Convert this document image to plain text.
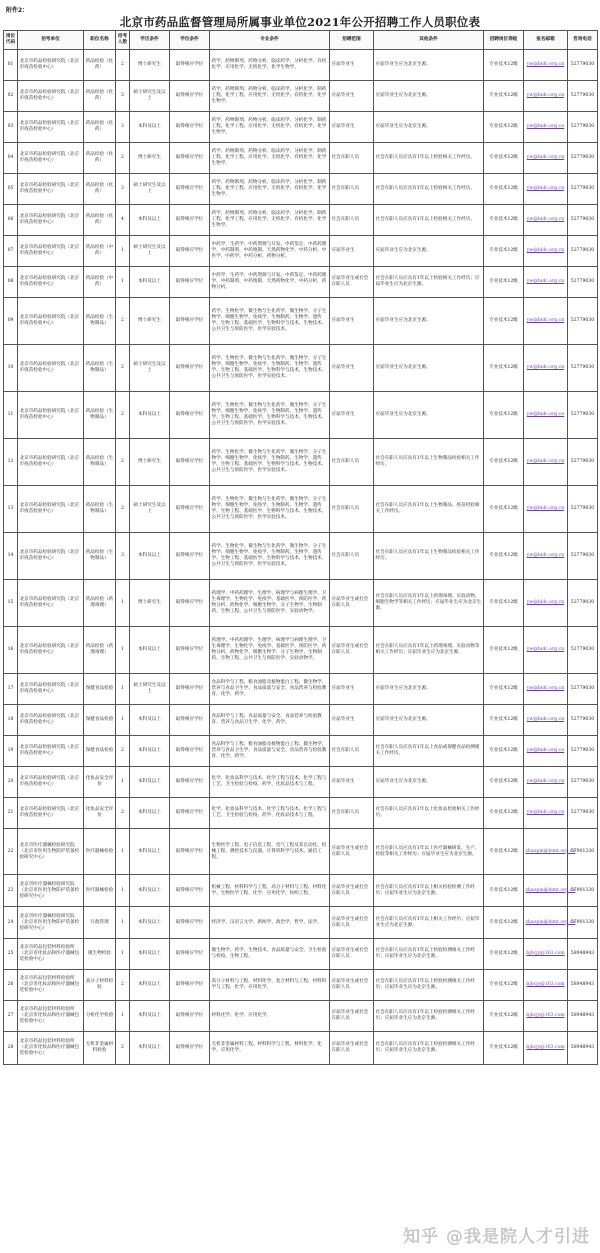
附件2：
北京市药品监督管理局所属事业单位2021年公开招聘工作人员职位表
岗位代码	招考单位	职位名称	招考人数	学历条件	学位条件	专业条件	招聘范围	其他条件	招聘岗位等级	报名邮箱	咨询电话
01	北京市药品检验研究院（北京市疫苗检验中心）	药品检验（化药）	2	博士研究生	取得相应学位	药学、药物制剂、药物分析、临床药学、分析化学、有机化学、应用化学、无机化学、化学生物学。	应届毕业生	应届毕业生应为北京生源。	专业技术12级	yw@bidc.org.cn	52779030
02	北京市药品检验研究院（北京市疫苗检验中心）	药品检验（化药）	3	硕士研究生及以上	取得相应学位	药学、药物制剂、药物分析、临床药学、分析化学、制药工程、化学工程、应用化学、无机化学、有机化学、化学生物学。	应届毕业生	应届毕业生应为北京生源。	专业技术12级	yw@bidc.org.cn	52779030
03	北京市药品检验研究院（北京市疫苗检验中心）	药品检验（化药）	3	本科及以上	取得相应学位	药学、药物制剂、药物分析、临床药学、分析化学、制药工程、化学工程、应用化学、无机化学、有机化学、化学生物学。	应届毕业生	应届毕业生应为北京生源。	专业技术12级	yw@bidc.org.cn	52779030
04	北京市药品检验研究院（北京市疫苗检验中心）	药品检验（化药）	2	博士研究生	取得相应学位	药学、药物制剂、药物分析、临床药学、分析化学、制药工程、化学工程、应用化学、无机化学、有机化学、化学生物学。	社会在职人员	社会在职人员应具有1年以上检验相关工作经历。	专业技术12级	yw@bidc.org.cn	52779030
05	北京市药品检验研究院（北京市疫苗检验中心）	药品检验（化药）	3	硕士研究生及以上	取得相应学位	药学、药物制剂、药物分析、临床药学、分析化学、制药工程、化学工程、应用化学、无机化学、有机化学、化学生物学。	社会在职人员	社会在职人员应具有1年以上检验相关工作经历。	专业技术12级	yw@bidc.org.cn	52779030
06	北京市药品检验研究院（北京市疫苗检验中心）	药品检验（化药）	4	本科及以上	取得相应学位	药学、药物制剂、药物分析、临床药学、分析化学、制药工程、化学工程、应用化学、无机化学、有机化学、化学生物学。	社会在职人员	社会在职人员应具有1年以上检验相关工作经历。	专业技术12级	yw@bidc.org.cn	52779030
07	北京市药品检验研究院（北京市疫苗检验中心）	药品检验（中药）	1	硕士研究生及以上	取得相应学位	中药学、生药学、中药资源与开发、中药鉴定、中药药理学、中药制剂、中药炮制、天然药物化学、中药分析、中医学、中药学、中药分析、药物分析。	应届毕业生	应届毕业生应为北京生源。	专业技术12级	yw@bidc.org.cn	52779030
08	北京市药品检验研究院（北京市疫苗检验中心）	药品检验（中药）	1	本科及以上	取得相应学位	中药学、生药学、中药资源与开发、中药鉴定、中药药理学、中药制剂、中药炮制、天然药物化学、中药分析、药物分析。	应届毕业生或社会在职人员	社会在职人员应具有1年以上检验相关工作经历；应届毕业生应为北京生源。	专业技术12级	yw@bidc.org.cn	52779030
09	北京市药品检验研究院（北京市疫苗检验中心）	药品检验（生物制品）	2	博士研究生	取得相应学位	药学、生物化学、微生物与生化药学、微生物学、分子生物学、细胞生物学、免疫学、生物制药、生物学、遗传学、生物工程、基础医学、生物科学与技术、生物技术、公共卫生与预防医学、医学实验技术。	应届毕业生	应届毕业生应为北京生源。	专业技术12级	yw@bidc.org.cn	52779030
10	北京市药品检验研究院（北京市疫苗检验中心）	药品检验（生物制品）	2	硕士研究生及以上	取得相应学位	药学、生物化学、微生物与生化药学、微生物学、分子生物学、细胞生物学、免疫学、生物制药、生物学、遗传学、生物工程、基础医学、生物科学与技术、生物技术、公共卫生与预防医学、医学实验技术。	应届毕业生	应届毕业生应为北京生源。	专业技术12级	yw@bidc.org.cn	52779030
11	北京市药品检验研究院（北京市疫苗检验中心）	药品检验（生物制品）	2	本科及以上	取得相应学位	药学、生物化学、微生物与生化药学、微生物学、分子生物学、细胞生物学、免疫学、生物制药、生物学、遗传学、生物工程、基础医学、生物科学与技术、生物技术、公共卫生与预防医学、医学实验技术。	应届毕业生	应届毕业生应为北京生源。	专业技术12级	yw@bidc.org.cn	52779030
12	北京市药品检验研究院（北京市疫苗检验中心）	药品检验（生物制品）	2	博士研究生	取得相应学位	药学、生物化学、微生物与生化药学、微生物学、分子生物学、细胞生物学、免疫学、生物制药、生物学、遗传学、生物工程、基础医学、生物科学与技术、生物技术、公共卫生与预防医学、医学实验技术。	社会在职人员	社会在职人员应具有1年以上生物制品检验相关工作经历。	专业技术12级	yw@bidc.org.cn	52779030
13	北京市药品检验研究院（北京市疫苗检验中心）	药品检验（生物制品）	2	硕士研究生及以上	取得相应学位	药学、生物化学、微生物与生化药学、微生物学、分子生物学、细胞生物学、免疫学、生物制药、生物学、遗传学、生物工程、基础医学、生物科学与技术、生物技术、公共卫生与预防医学、医学实验技术。	社会在职人员	社会在职人员应具有1年以上生物制品、疫苗检验相关工作经历。	专业技术12级	yw@bidc.org.cn	52779030
14	北京市药品检验研究院（北京市疫苗检验中心）	药品检验（生物制品）	3	本科及以上	取得相应学位	药学、生物化学、微生物与生化药学、微生物学、分子生物学、细胞生物学、免疫学、生物制药、生物学、遗传学、生物工程、基础医学、生物科学与技术、生物技术、公共卫生与预防医学、医学实验技术。	社会在职人员	社会在职人员应具有1年以上生物制品检验相关工作经历。	专业技术12级	yw@bidc.org.cn	52779030
15	北京市药品检验研究院（北京市疫苗检验中心）	药品检验（药理毒理）	1	博士研究生	取得相应学位	药理学、中药药理学、生理学、病理学与病理生理学、卫生毒理学、生物化学、免疫学、基础医学、预防医学、药物分析、药物化学、细胞生物学、分子生物学、生物制药、生物工程、公共卫生与预防医学、实验动物学。	应届毕业生或社会在职人员	社会在职人员应具有1年以上药理毒理、实验动物、细胞生物学等相关工作经历；应届毕业生应为北京生源。	专业技术12级	yw@bidc.org.cn	52779030
16	北京市药品检验研究院（北京市疫苗检验中心）	药品检验（药理毒理）	1	本科及以上	取得相应学位	药理学、中药药理学、生理学、病理学与病理生理学、卫生毒理学、生物化学、免疫学、基础医学、预防医学、药物分析、药物化学、细胞生物学、分子生物学、生物制药、生物工程、公共卫生与预防医学、实验动物学。	应届毕业生或社会在职人员	社会在职人员应具有1年以上药理毒理、实验动物等相关工作经历；应届毕业生应为北京生源。	专业技术12级	yw@bidc.org.cn	52779030
17	北京市药品检验研究院（北京市疫苗检验中心）	保健食品检验	1	硕士研究生及以上	取得相应学位	食品科学与工程、粮食油脂及植物蛋白工程、微生物学、营养与食品卫生学、食品质量与安全、食品营养与检验教育、化学、药学。	应届毕业生	应届毕业生应为北京生源。	专业技术12级	yw@bidc.org.cn	52779030
18	北京市药品检验研究院（北京市疫苗检验中心）	保健食品检验	1	本科及以上	取得相应学位	食品科学与工程、食品质量与安全、食品营养与检验教育、营养与食品卫生学、化学、药学。	应届毕业生	应届毕业生应为北京生源。	专业技术12级	yw@bidc.org.cn	52779030
19	北京市药品检验研究院（北京市疫苗检验中心）	保健食品检验	2	本科及以上	取得相应学位	食品科学与工程、粮食油脂及植物蛋白工程、微生物学、营养与食品卫生学、食品质量与安全、食品营养与检验教育、化学、药学。	社会在职人员	社会在职人员应具有1年以上食品或保健食品检测相关工作经历。	专业技术12级	yw@bidc.org.cn	52779030
20	北京市药品检验研究院（北京市疫苗检验中心）	化妆品安全评价	1	本科及以上	取得相应学位	化学、化妆品科学与技术、化学工程与技术、化学工程与工艺、卫生检验与检疫、药学、化妆品技术与工程。	应届毕业生	应届毕业生应为北京生源。	专业技术12级	yw@bidc.org.cn	52779030
21	北京市药品检验研究院（北京市疫苗检验中心）	化妆品安全评价	2	本科及以上	取得相应学位	化学、化妆品科学与技术、化学工程与技术、化学工程与工艺、卫生检验与检疫、药学、化妆品技术与工程。	社会在职人员	社会在职人员应具有1年以上化妆品检验相关工作经历。	专业技术12级	yw@bidc.org.cn	52779030
22	北京市医疗器械检验研究院（北京市医用生物防护装备检验研究中心）	医疗器械检验	1	本科及以上	取得相应学位	生物医学工程、电子信息工程、电气工程及其自动化、机械工程、测控技术与仪器、计算机科学与技术、通信工程。	应届毕业生或社会在职人员	社会在职人员应具有1年以上医疗器械研发、生产、检验等相关工作经历；应届毕业生应为北京生源。	专业技术12级	zhaopin@bimt.org.cn	57901330
23	北京市医疗器械检验研究院（北京市医用生物防护装备检验研究中心）	医疗器械检验	1	本科及以上	取得相应学位	机械工程、材料科学与工程、高分子材料与工程、材料化学、生物医学工程、化学、应用化学、纺织工程。	应届毕业生或社会在职人员	社会在职人员应具有1年以上相关检验检测工作经历；应届毕业生应为北京生源。	专业技术12级	zhaopin@bimt.org.cn	57901330
24	北京市医疗器械检验研究院（北京市医用生物防护装备检验研究中心）	行政管理	1	本科及以上	取得相应学位	经济学、汉语言文学、新闻学、政治学、哲学、法学。	应届毕业生或社会在职人员	社会在职人员应具有1年以上相关工作经历；应届毕业生应为北京生源。	专业技术12级	zhaopin@bimt.org.cn	57901330
25	北京市药品包装材料检验所（北京市化妆品和医疗器械包装检验中心）	微生物检验	1	本科及以上	取得相应学位	微生物学、药学、生物技术、食品质量与安全、卫生检验与检疫、生物工程。	应届毕业生或社会在职人员	社会在职人员应具有1年以上检验检测相关工作经历；应届毕业生应为北京生源。	专业技术12级	bjbcjy@163.com	58948943
26	北京市药品包装材料检验所（北京市化妆品和医疗器械包装检验中心）	高分子材料检验	2	本科及以上	取得相应学位	高分子材料与工程、材料化学、复合材料与工程、材料科学与工程、化学、应用化学。	应届毕业生或社会在职人员	社会在职人员应具有1年以上检验检测相关工作经历；应届毕业生应为北京生源。	专业技术12级	bjbcjy@163.com	58948943
27	北京市药品包装材料检验所（北京市化妆品和医疗器械包装检验中心）	分析化学检验	1	本科及以上	取得相应学位	材料化学、化学、应用化学。	应届毕业生或社会在职人员	社会在职人员应具有1年以上检验检测相关工作经历；应届毕业生应为北京生源。	专业技术12级	bjbcjy@163.com	58948943
28	北京市药品包装材料检验所（北京市化妆品和医疗器械包装检验中心）	无机非金属材料检验	2	本科及以上	取得相应学位	无机非金属材料工程、材料科学与工程、材料化学、化学、应用化学。	应届毕业生或社会在职人员	社会在职人员应具有1年以上检验检测相关工作经历；应届毕业生应为北京生源。	专业技术12级	bjbcjy@163.com	58948943
知乎 @我是院人才引进
